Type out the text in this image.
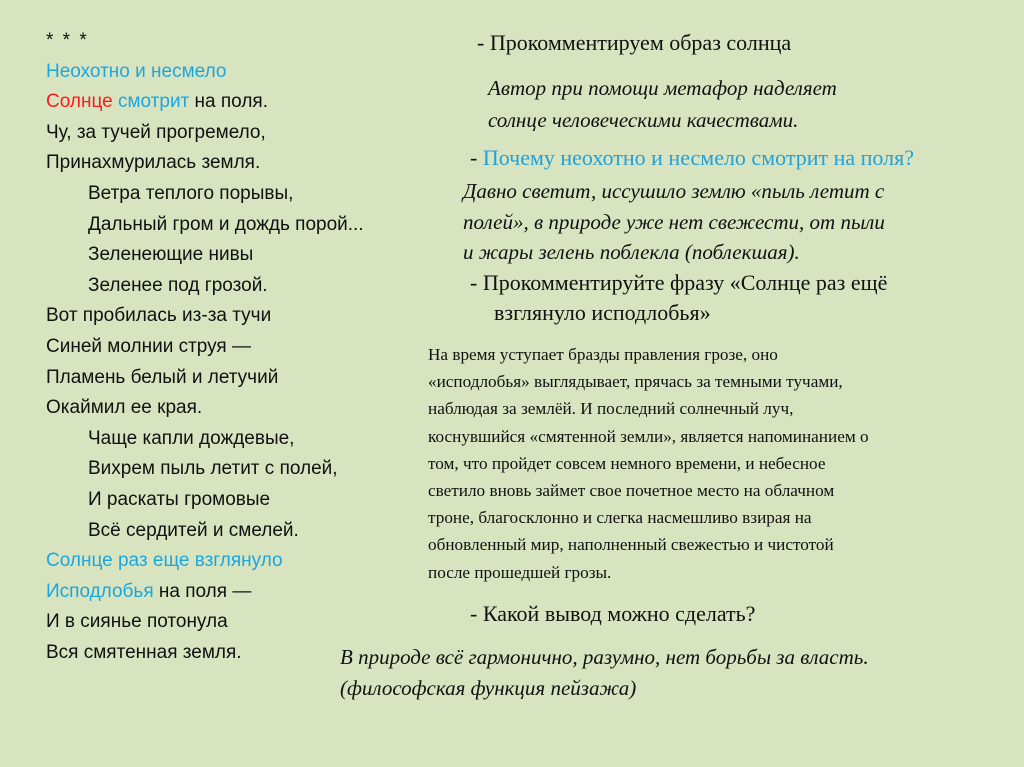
* * *
Неохотно и несмело
Солнце смотрит на поля.
Чу, за тучей прогремело,
Принахмурилась земля.
Ветра теплого порывы,
Дальный гром и дождь порой...
Зеленеющие нивы
Зеленее под грозой.
Вот пробилась из-за тучи
Синей молнии струя —
Пламень белый и летучий
Окаймил ее края.
Чаще капли дождевые,
Вихрем пыль летит с полей,
И раскаты громовые
Всё сердитей и смелей.
Солнце раз еще взглянуло
Исподлобья на поля —
И в сиянье потонула
Вся смятенная земля.
- Прокомментируем образ солнца
Автор при помощи метафор наделяет
солнце человеческими качествами.
- Почему неохотно и несмело смотрит на поля?
Давно светит, иссушило землю «пыль летит с
полей», в природе уже нет свежести, от пыли
и жары зелень поблекла (поблекшая).
- Прокомментируйте фразу «Солнце раз ещё
взглянуло исподлобья»
На время уступает бразды правления грозе, оно
«исподлобья» выглядывает, прячась за темными тучами,
наблюдая за землёй. И последний солнечный луч,
коснувшийся «смятенной земли», является напоминанием о
том, что пройдет совсем немного времени, и небесное
светило вновь займет свое почетное место на облачном
троне, благосклонно и слегка насмешливо взирая на
обновленный мир, наполненный свежестью и чистотой
после прошедшей грозы.
- Какой вывод можно сделать?
В природе всё гармонично, разумно, нет борьбы за власть.
(философская функция пейзажа)
